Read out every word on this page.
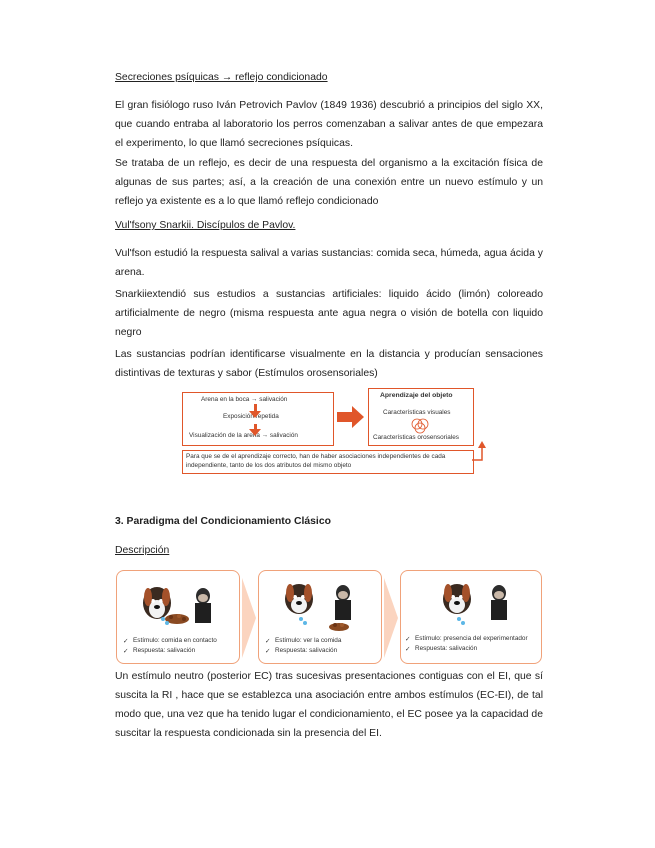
Secreciones psíquicas → reflejo condicionado

El gran fisiólogo ruso Iván Petrovich Pavlov (1849 1936) descubrió a principios del siglo XX, que cuando entraba al laboratorio los perros comenzaban a salivar antes de que empezara el experimento, lo que llamó secreciones psíquicas.

Se trataba de un reflejo, es decir de una respuesta del organismo a la excitación física de algunas de sus partes; así, a la creación de una conexión entre un nuevo estímulo y un reflejo ya existente es a lo que llamó reflejo condicionado

Vul'fsony Snarkii. Discípulos de Pavlov.

Vul'fson estudió la respuesta salival a varias sustancias: comida seca, húmeda, agua ácida y arena.

Snarkiiextendió sus estudios a sustancias artificiales: liquido ácido (limón) coloreado artificialmente de negro (misma respuesta ante agua negra o visión de botella con liquido negro

Las sustancias podrían identificarse visualmente en la distancia y producían sensaciones distintivas de texturas y sabor (Estímulos orosensoriales)

Arena en la boca → salivación
Exposición repetida
Visualización de la arena → salivación
Aprendizaje del objeto
Características visuales
Características orosensoriales
Para que se de el aprendizaje correcto, han de haber asociaciones independientes de cada
independiente, tanto de los dos atributos del mismo objeto
3. Paradigma del Condicionamiento Clásico
Descripción
✓ Estímulo: comida en contacto
✓ Respuesta: salivación
✓ Estímulo: ver la comida
✓ Respuesta: salivación
✓ Estímulo: presencia del experimentador
✓ Respuesta: salivación

Un estímulo neutro (posterior EC) tras sucesivas presentaciones contiguas con el EI, que sí suscita la RI , hace que se establezca una asociación entre ambos estímulos (EC-EI), de tal modo que, una vez que ha tenido lugar el condicionamiento, el EC posee ya la capacidad de suscitar la respuesta condicionada sin la presencia del EI.
